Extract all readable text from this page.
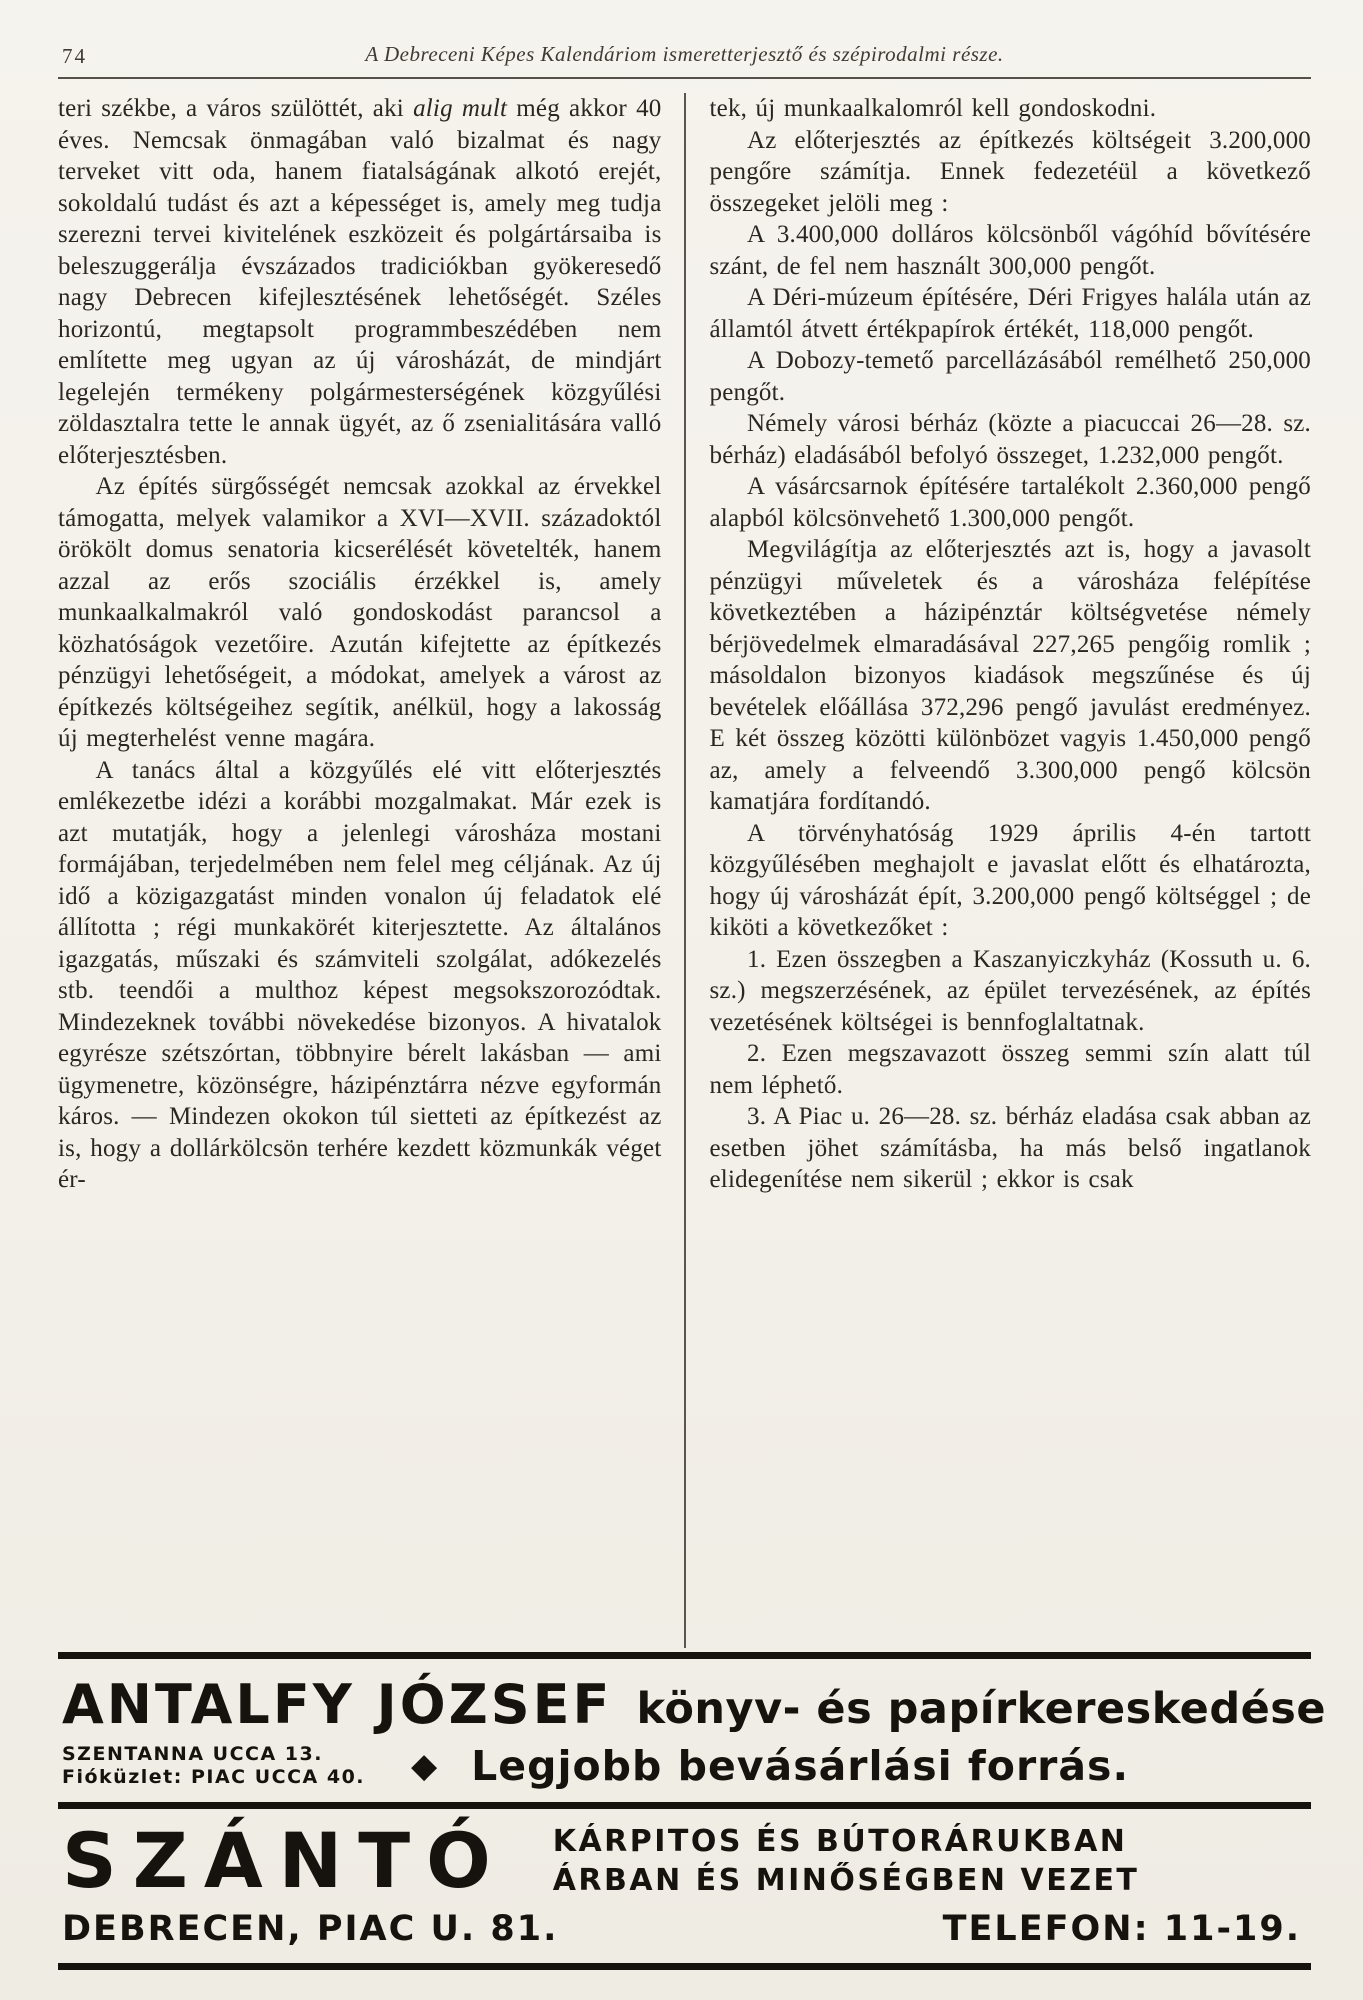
74	A Debreceni Képes Kalendáriom ismeretterjesztő és szépirodalmi része.

teri székbe, a város szülöttét, aki alig mult még akkor 40 éves. Nemcsak önmagában való bizalmat és nagy terveket vitt oda, hanem fiatalságának alkotó erejét, sokoldalú tudást és azt a képességet is, amely meg tudja szerezni tervei kivitelének eszközeit és polgártársaiba is beleszuggerálja évszázados tradiciókban gyökeresedő nagy Debrecen kifejlesztésének lehetőségét. Széles horizontú, megtapsolt programmbeszédében nem említette meg ugyan az új városházát, de mindjárt legelején termékeny polgármesterségének közgyűlési zöldasztalra tette le annak ügyét, az ő zsenialitására valló előterjesztésben.

Az építés sürgősségét nemcsak azokkal az érvekkel támogatta, melyek valamikor a XVI—XVII. századoktól örökölt domus senatoria kicserélését követelték, hanem azzal az erős szociális érzékkel is, amely munkaalkalmakról való gondoskodást parancsol a közhatóságok vezetőire. Azután kifejtette az építkezés pénzügyi lehetőségeit, a módokat, amelyek a várost az építkezés költségeihez segítik, anélkül, hogy a lakosság új megterhelést venne magára.

A tanács által a közgyűlés elé vitt előterjesztés emlékezetbe idézi a korábbi mozgalmakat. Már ezek is azt mutatják, hogy a jelenlegi városháza mostani formájában, terjedelmében nem felel meg céljának. Az új idő a közigazgatást minden vonalon új feladatok elé állította ; régi munkakörét kiterjesztette. Az általános igazgatás, műszaki és számviteli szolgálat, adókezelés stb. teendői a multhoz képest megsokszorozódtak. Mindezeknek további növekedése bizonyos. A hivatalok egyrésze szétszórtan, többnyire bérelt lakásban — ami ügymenetre, közönségre, házipénztárra nézve egyformán káros. — Mindezen okokon túl sietteti az építkezést az is, hogy a dollárkölcsön terhére kezdett közmunkák véget ér-

tek, új munkaalkalomról kell gondoskodni.

Az előterjesztés az építkezés költségeit 3.200,000 pengőre számítja. Ennek fedezetéül a következő összegeket jelöli meg :

A 3.400,000 dolláros kölcsönből vágóhíd bővítésére szánt, de fel nem használt 300,000 pengőt.

A Déri-múzeum építésére, Déri Frigyes halála után az államtól átvett értékpapírok értékét, 118,000 pengőt.

A Dobozy-temető parcellázásából remélhető 250,000 pengőt.

Némely városi bérház (közte a piacuccai 26—28. sz. bérház) eladásából befolyó összeget, 1.232,000 pengőt.

A vásárcsarnok építésére tartalékolt 2.360,000 pengő alapból kölcsönvehető 1.300,000 pengőt.

Megvilágítja az előterjesztés azt is, hogy a javasolt pénzügyi műveletek és a városháza felépítése következtében a házipénztár költségvetése némely bérjövedelmek elmaradásával 227,265 pengőig romlik ; másoldalon bizonyos kiadások megszűnése és új bevételek előállása 372,296 pengő javulást eredményez. E két összeg közötti különbözet vagyis 1.450,000 pengő az, amely a felveendő 3.300,000 pengő kölcsön kamatjára fordítandó.

A törvényhatóság 1929 április 4-én tartott közgyűlésében meghajolt e javaslat előtt és elhatározta, hogy új városházát épít, 3.200,000 pengő költséggel ; de kiköti a következőket :

1. Ezen összegben a Kaszanyiczkyház (Kossuth u. 6. sz.) megszerzésének, az épület tervezésének, az építés vezetésének költségei is bennfoglaltatnak.

2. Ezen megszavazott összeg semmi szín alatt túl nem léphető.

3. A Piac u. 26—28. sz. bérház eladása csak abban az esetben jöhet számításba, ha más belső ingatlanok elidegenítése nem sikerül ; ekkor is csak

ANTALFY JÓZSEF könyv- és papírkereskedése
SZENTANNA UCCA 13.
Fióküzlet: PIAC UCCA 40. ◆ Legjobb bevásárlási forrás.
SZÁNTÓ KÁRPITOS ÉS BÚTORÁRUKBAN
ÁRBAN ÉS MINŐSÉGBEN VEZET
DEBRECEN, PIAC U. 81.	TELEFON: 11-19.
